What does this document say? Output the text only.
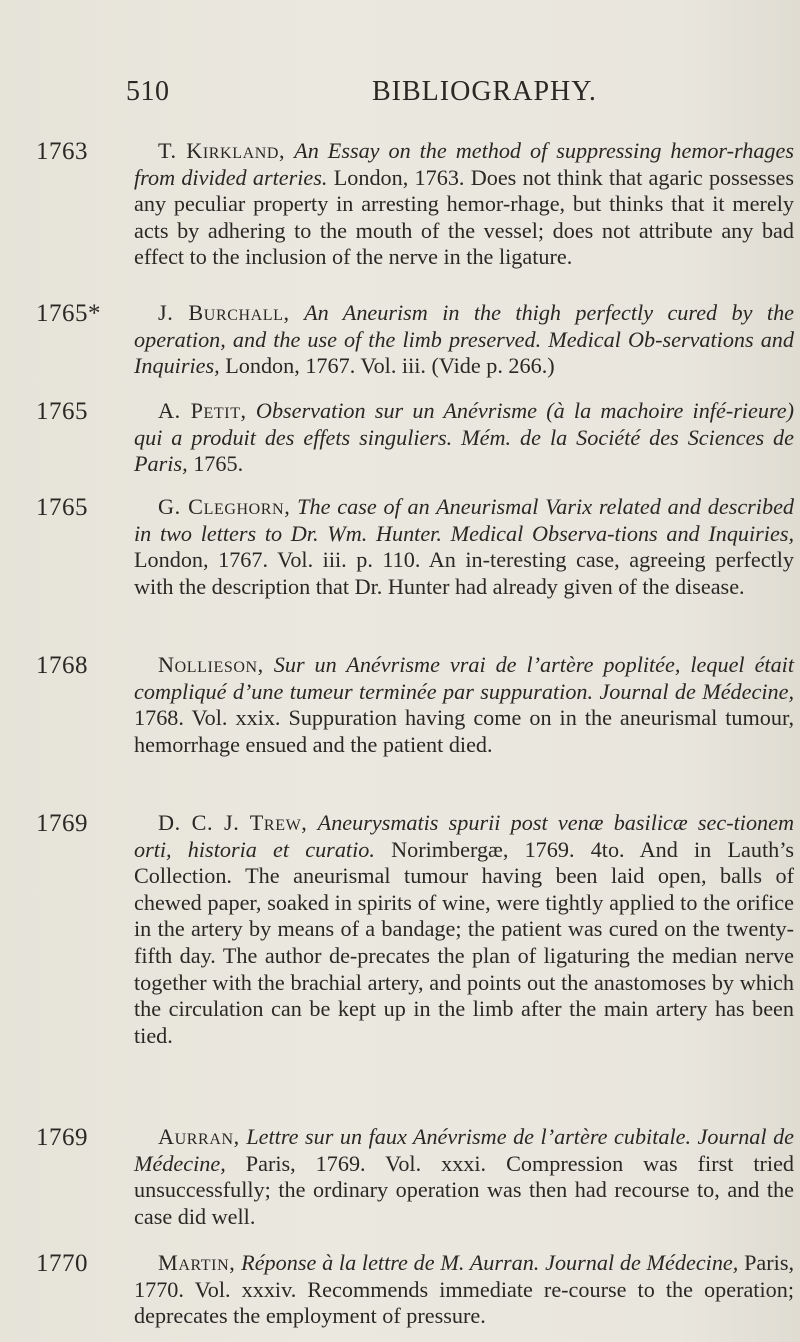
510	BIBLIOGRAPHY.
1763	T. Kirkland, An Essay on the method of suppressing hemor-rhages from divided arteries. London, 1763. Does not think that agaric possesses any peculiar property in arresting hemor-rhage, but thinks that it merely acts by adhering to the mouth of the vessel; does not attribute any bad effect to the inclusion of the nerve in the ligature.
1765*	J. Burchall, An Aneurism in the thigh perfectly cured by the operation, and the use of the limb preserved. Medical Ob-servations and Inquiries, London, 1767. Vol. iii. (Vide p. 266.)
1765	A. Petit, Observation sur un Anévrisme (à la machoire infé-rieure) qui a produit des effets singuliers. Mém. de la Société des Sciences de Paris, 1765.
1765	G. Cleghorn, The case of an Aneurismal Varix related and described in two letters to Dr. Wm. Hunter. Medical Observa-tions and Inquiries, London, 1767. Vol. iii. p. 110. An in-teresting case, agreeing perfectly with the description that Dr. Hunter had already given of the disease.
1768	Nollieson, Sur un Anévrisme vrai de l’artère poplitée, lequel était compliqué d’une tumeur terminée par suppuration. Journal de Médecine, 1768. Vol. xxix. Suppuration having come on in the aneurismal tumour, hemorrhage ensued and the patient died.
1769	D. C. J. Trew, Aneurysmatis spurii post venæ basilicæ sec-tionem orti, historia et curatio. Norimbergæ, 1769. 4to. And in Lauth’s Collection. The aneurismal tumour having been laid open, balls of chewed paper, soaked in spirits of wine, were tightly applied to the orifice in the artery by means of a bandage; the patient was cured on the twenty-fifth day. The author de-precates the plan of ligaturing the median nerve together with the brachial artery, and points out the anastomoses by which the circulation can be kept up in the limb after the main artery has been tied.
1769	Aurran, Lettre sur un faux Anévrisme de l’artère cubitale. Journal de Médecine, Paris, 1769. Vol. xxxi. Compression was first tried unsuccessfully; the ordinary operation was then had recourse to, and the case did well.
1770	Martin, Réponse à la lettre de M. Aurran. Journal de Médecine, Paris, 1770. Vol. xxxiv. Recommends immediate re-course to the operation; deprecates the employment of pressure.
